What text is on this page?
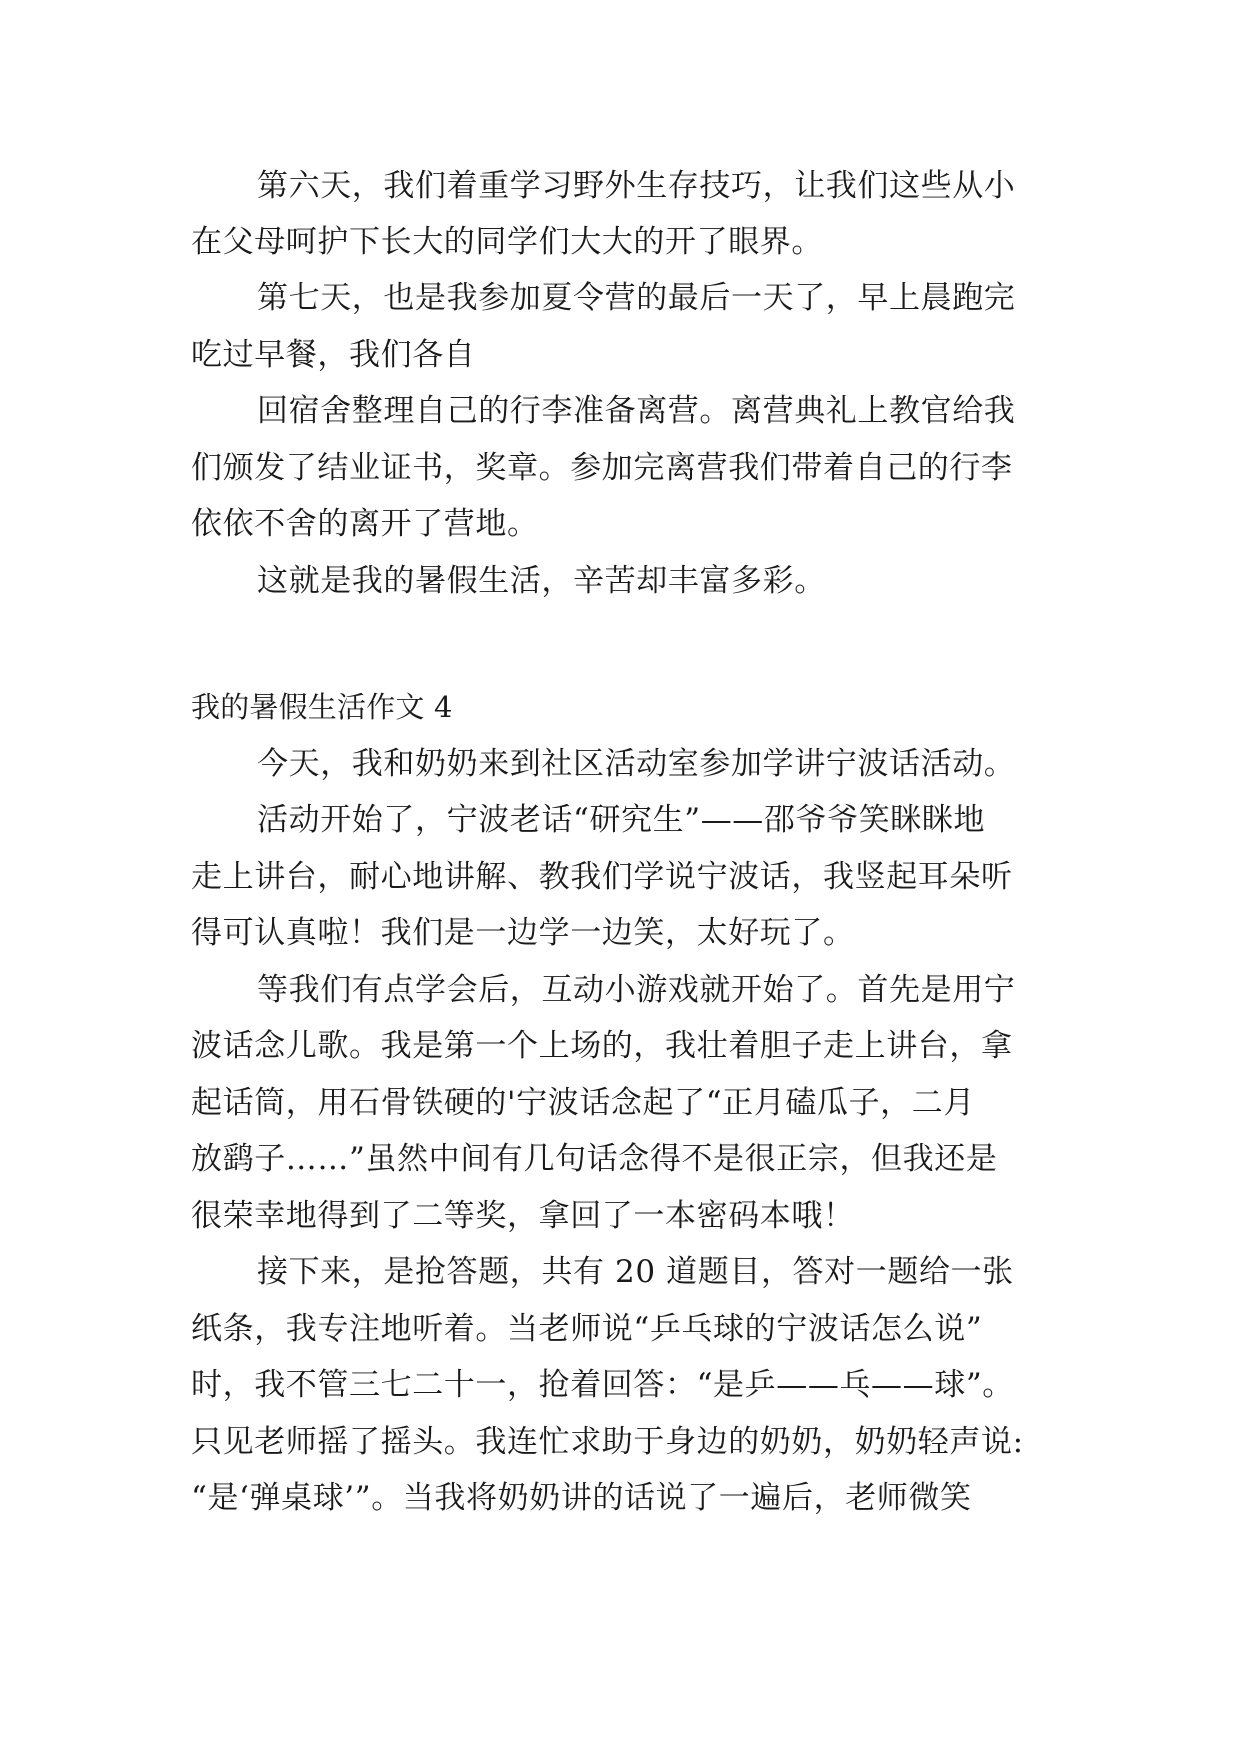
第六天，我们着重学习野外生存技巧，让我们这些从小
在父母呵护下长大的同学们大大的开了眼界。
第七天，也是我参加夏令营的最后一天了，早上晨跑完
吃过早餐，我们各自
回宿舍整理自己的行李准备离营。离营典礼上教官给我
们颁发了结业证书，奖章。参加完离营我们带着自己的行李
依依不舍的离开了营地。
这就是我的暑假生活，辛苦却丰富多彩。
我的暑假生活作文 4
今天，我和奶奶来到社区活动室参加学讲宁波话活动。
活动开始了，宁波老话“研究生”——邵爷爷笑眯眯地
走上讲台，耐心地讲解、教我们学说宁波话，我竖起耳朵听
得可认真啦！我们是一边学一边笑，太好玩了。
等我们有点学会后，互动小游戏就开始了。首先是用宁
波话念儿歌。我是第一个上场的，我壮着胆子走上讲台，拿
起话筒，用石骨铁硬的'宁波话念起了“正月磕瓜子，二月
放鹞子……”虽然中间有几句话念得不是很正宗，但我还是
很荣幸地得到了二等奖，拿回了一本密码本哦！
接下来，是抢答题，共有 20 道题目，答对一题给一张
纸条，我专注地听着。当老师说“乒乓球的宁波话怎么说”
时，我不管三七二十一，抢着回答：“是乒——乓——球”。
只见老师摇了摇头。我连忙求助于身边的奶奶，奶奶轻声说:
“是‘弹桌球’”。当我将奶奶讲的话说了一遍后，老师微笑
